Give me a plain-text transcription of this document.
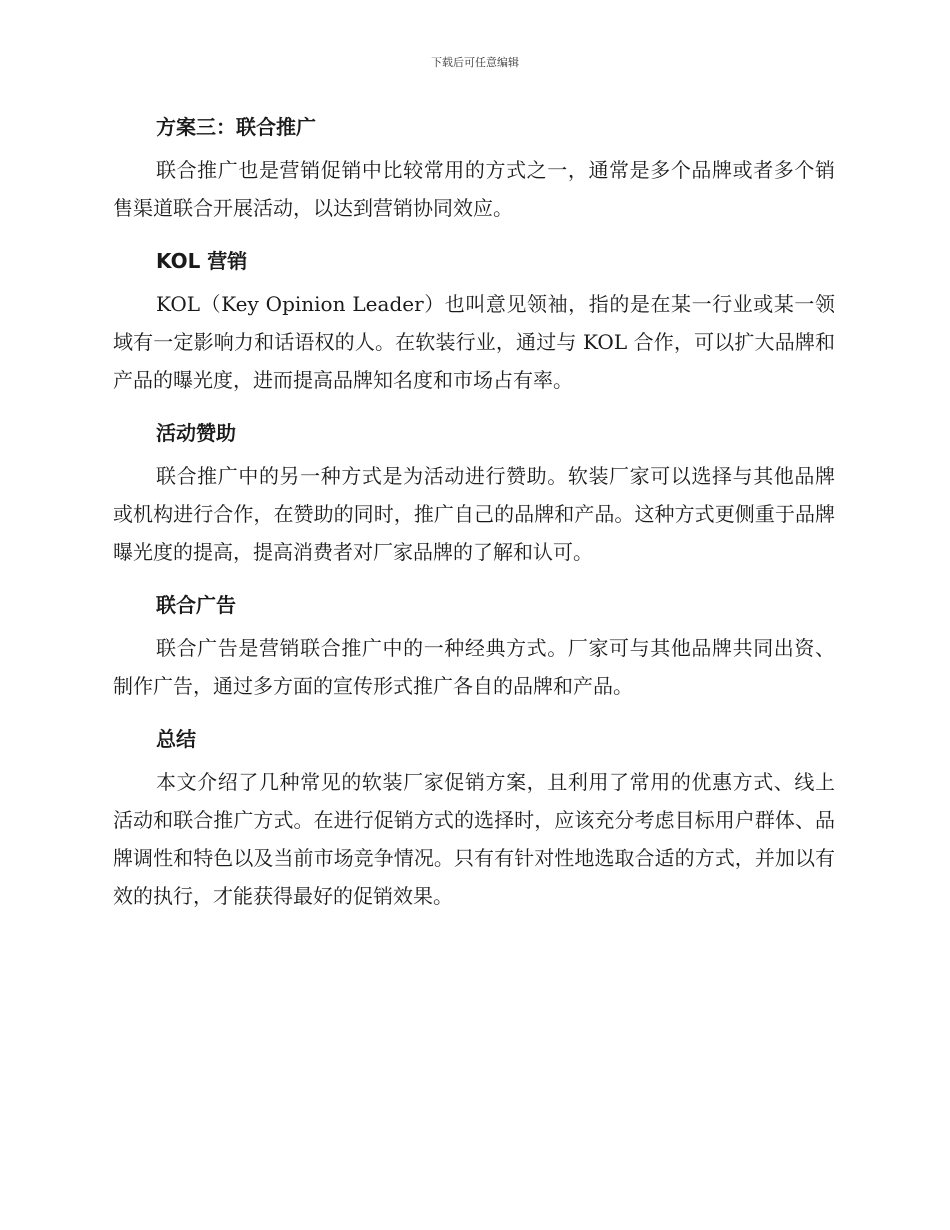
下载后可任意编辑
方案三：联合推广

联合推广也是营销促销中比较常用的方式之一，通常是多个品牌或者多个销售渠道联合开展活动，以达到营销协同效应。

KOL 营销

KOL（Key Opinion Leader）也叫意见领袖，指的是在某一行业或某一领域有一定影响力和话语权的人。在软装行业，通过与 KOL 合作，可以扩大品牌和产品的曝光度，进而提高品牌知名度和市场占有率。

活动赞助

联合推广中的另一种方式是为活动进行赞助。软装厂家可以选择与其他品牌或机构进行合作，在赞助的同时，推广自己的品牌和产品。这种方式更侧重于品牌曝光度的提高，提高消费者对厂家品牌的了解和认可。

联合广告

联合广告是营销联合推广中的一种经典方式。厂家可与其他品牌共同出资、制作广告，通过多方面的宣传形式推广各自的品牌和产品。

总结

本文介绍了几种常见的软装厂家促销方案，且利用了常用的优惠方式、线上活动和联合推广方式。在进行促销方式的选择时，应该充分考虑目标用户群体、品牌调性和特色以及当前市场竞争情况。只有有针对性地选取合适的方式，并加以有效的执行，才能获得最好的促销效果。
